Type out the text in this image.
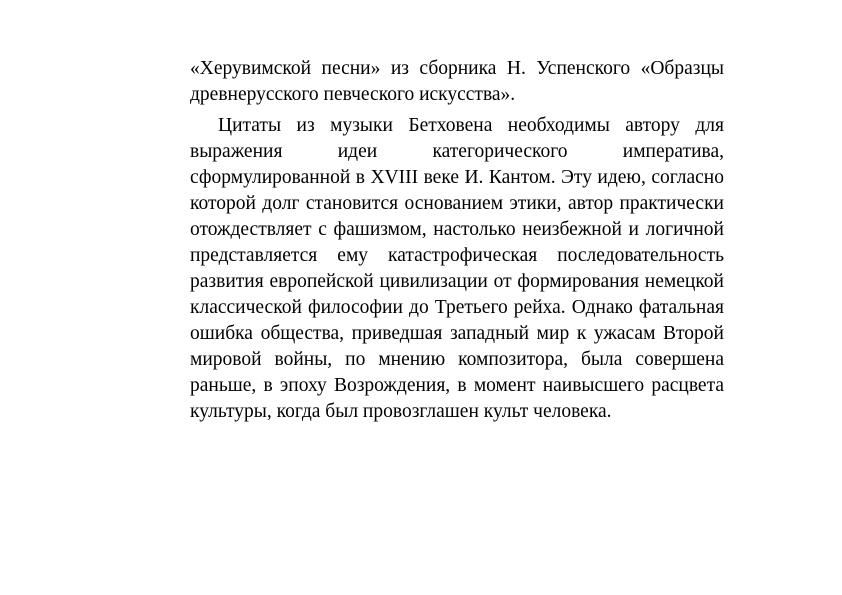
«Херувимской песни» из сборника Н. Успенского «Образцы древнерусского певческого искусства».

Цитаты из музыки Бетховена необходимы автору для выражения идеи категорического императива, сформулированной в XVIII веке И. Кантом. Эту идею, согласно которой долг становится основанием этики, автор практически отождествляет с фашизмом, настолько неизбежной и логичной представляется ему катастрофическая последовательность развития европейской цивилизации от формирования немецкой классической философии до Третьего рейха. Однако фатальная ошибка общества, приведшая западный мир к ужасам Второй мировой войны, по мнению композитора, была совершена раньше, в эпоху Возрождения, в момент наивысшего расцвета культуры, когда был провозглашен культ человека.
